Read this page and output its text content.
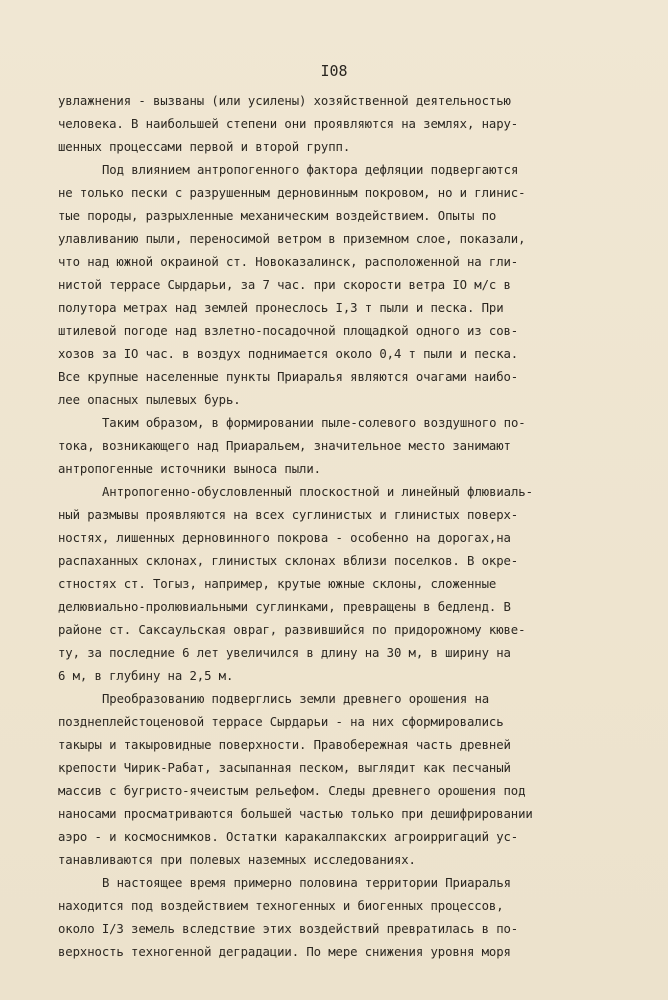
I08
увлажнения - вызваны (или усилены) хозяйственной деятельностью
человека. В наибольшей степени они проявляются на землях, нару-
шенных процессами первой и второй групп.
Под влиянием антропогенного фактора дефляции подвергаются
не только пески с разрушенным дерновинным покровом, но и глинис-
тые породы, разрыхленные механическим воздействием. Опыты по
улавливанию пыли, переносимой ветром в приземном слое, показали,
что над южной окраиной ст. Новоказалинск, расположенной на гли-
нистой террасе Сырдарьи, за 7 час. при скорости ветра IO м/с в
полутора метрах над землей пронеслось I,3 т пыли и песка. При
штилевой погоде над взлетно-посадочной площадкой одного из сов-
хозов за IO час. в воздух поднимается около 0,4 т пыли и песка.
Все крупные населенные пункты Приаралья являются очагами наибо-
лее опасных пылевых бурь.
Таким образом, в формировании пыле-солевого воздушного по-
тока, возникающего над Приаральем, значительное место занимают
антропогенные источники выноса пыли.
Антропогенно-обусловленный плоскостной и линейный флювиаль-
ный размывы проявляются на всех суглинистых и глинистых поверх-
ностях, лишенных дерновинного покрова - особенно на дорогах,на
распаханных склонах, глинистых склонах вблизи поселков. В окре-
стностях ст. Тогыз, например, крутые южные склоны, сложенные
делювиально-пролювиальными суглинками, превращены в бедленд. В
районе ст. Саксаульская овраг, развившийся по придорожному кюве-
ту, за последние 6 лет увеличился в длину на 30 м, в ширину на
6 м, в глубину на 2,5 м.
Преобразованию подверглись земли древнего орошения на
позднеплейстоценовой террасе Сырдарьи - на них сформировались
такыры и такыровидные поверхности. Правобережная часть древней
крепости Чирик-Рабат, засыпанная песком, выглядит как песчаный
массив с бугристо-ячеистым рельефом. Следы древнего орошения под
наносами просматриваются большей частью только при дешифрировании
аэро - и космоснимков. Остатки каракалпакских агроирригаций ус-
танавливаются при полевых наземных исследованиях.
В настоящее время примерно половина территории Приаралья
находится под воздействием техногенных и биогенных процессов,
около I/3 земель вследствие этих воздействий превратилась в по-
верхность техногенной деградации. По мере снижения уровня моря
